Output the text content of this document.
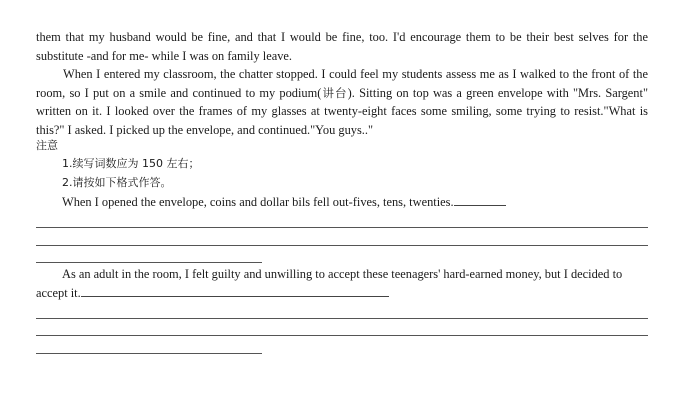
them that my husband would be fine, and that I would be fine, too. I'd encourage them to be their best selves for the substitute -and for me- while I was on family leave.

When I entered my classroom, the chatter stopped. I could feel my students assess me as I walked to the front of the room, so I put on a smile and continued to my podium(讲台). Sitting on top was a green envelope with "Mrs. Sargent" written on it. I looked over the frames of my glasses at twenty-eight faces some smiling, some trying to resist."What is this?" I asked. I picked up the envelope, and continued."You guys.."

注意

1.续写词数应为 150 左右；

2.请按如下格式作答。

When I opened the envelope, coins and dollar bils fell out-fives, tens, twenties.

As an adult in the room, I felt guilty and unwilling to accept these teenagers' hard-earned money, but I decided to

accept it.
